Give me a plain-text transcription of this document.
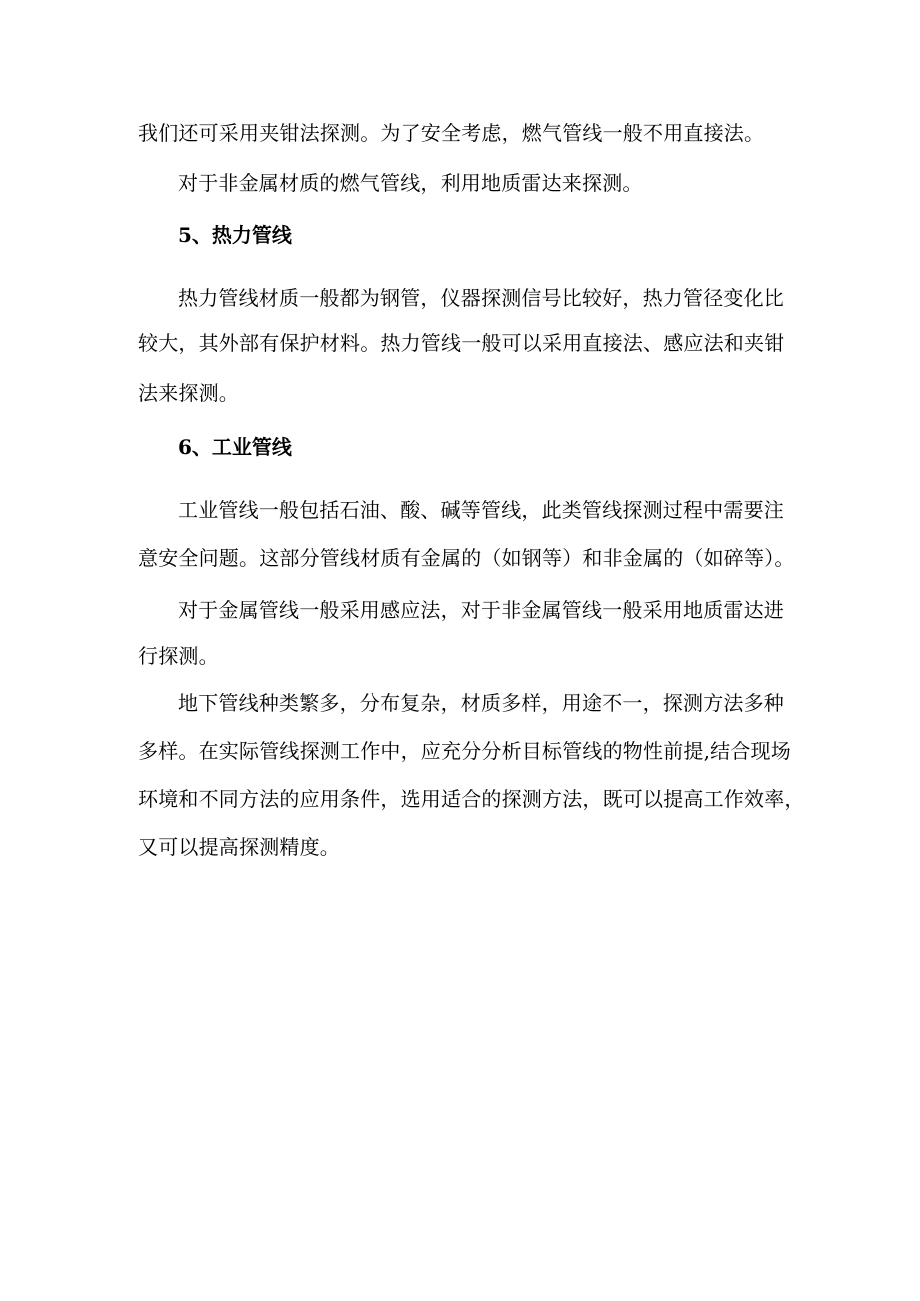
我们还可采用夹钳法探测。为了安全考虑，燃气管线一般不用直接法。
对于非金属材质的燃气管线，利用地质雷达来探测。
5、热力管线
热力管线材质一般都为钢管，仪器探测信号比较好，热力管径变化比
较大，其外部有保护材料。热力管线一般可以采用直接法、感应法和夹钳
法来探测。
6、工业管线
工业管线一般包括石油、酸、碱等管线，此类管线探测过程中需要注
意安全问题。这部分管线材质有金属的（如钢等）和非金属的（如碎等）。
对于金属管线一般采用感应法，对于非金属管线一般采用地质雷达进
行探测。
地下管线种类繁多，分布复杂，材质多样，用途不一，探测方法多种
多样。在实际管线探测工作中，应充分分析目标管线的物性前提,结合现场
环境和不同方法的应用条件，选用适合的探测方法，既可以提高工作效率，
又可以提高探测精度。
